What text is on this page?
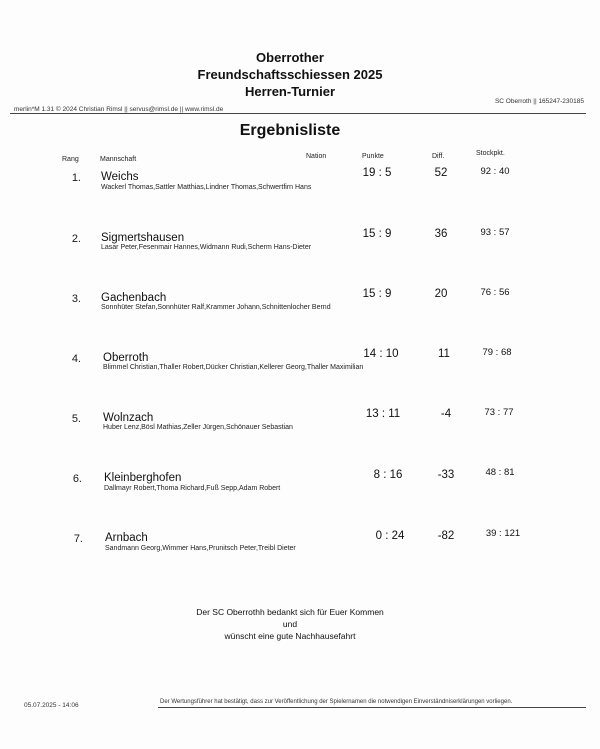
Oberrother
Freundschaftsschiessen 2025
Herren-Turnier
merlin*M 1.31 © 2024 Christian Rimsl || servus@rimsl.de || www.rimsl.de
SC Oberroth || 165247-230185
Ergebnisliste
Rang	Mannschaft	Nation	Punkte	Diff.	Stockpkt.
1. Weichs
Wackerl Thomas,Sattler Matthias,Lindner Thomas,Schwertfirn Hans
19 : 5	52	92 : 40
2. Sigmertshausen
Lasar Peter,Fesenmair Hannes,Widmann Rudi,Scherm Hans-Dieter
15 : 9	36	93 : 57
3. Gachenbach
Sonnhüter Stefan,Sonnhüter Ralf,Krammer Johann,Schnittenlocher Bernd
15 : 9	20	76 : 56
4. Oberroth
Blimmel Christian,Thaller Robert,Dücker Christian,Kellerer Georg,Thaller Maximilian
14 : 10	11	79 : 68
5. Wolnzach
Huber Lenz,Bösl Mathias,Zeller Jürgen,Schönauer Sebastian
13 : 11	-4	73 : 77
6. Kleinberghofen
Dallmayr Robert,Thoma Richard,Fuß Sepp,Adam Robert
8 : 16	-33	48 : 81
7. Arnbach
Sandmann Georg,Wimmer Hans,Prunitsch Peter,Treibl Dieter
0 : 24	-82	39 : 121
Der SC Oberrothh bedankt sich für Euer Kommen
und
wünscht eine gute Nachhausefahrt
05.07.2025 - 14:06	Der Wertungsführer hat bestätigt, dass zur Veröffentlichung der Spielernamen die notwendigen Einverständniserklärungen vorliegen.
